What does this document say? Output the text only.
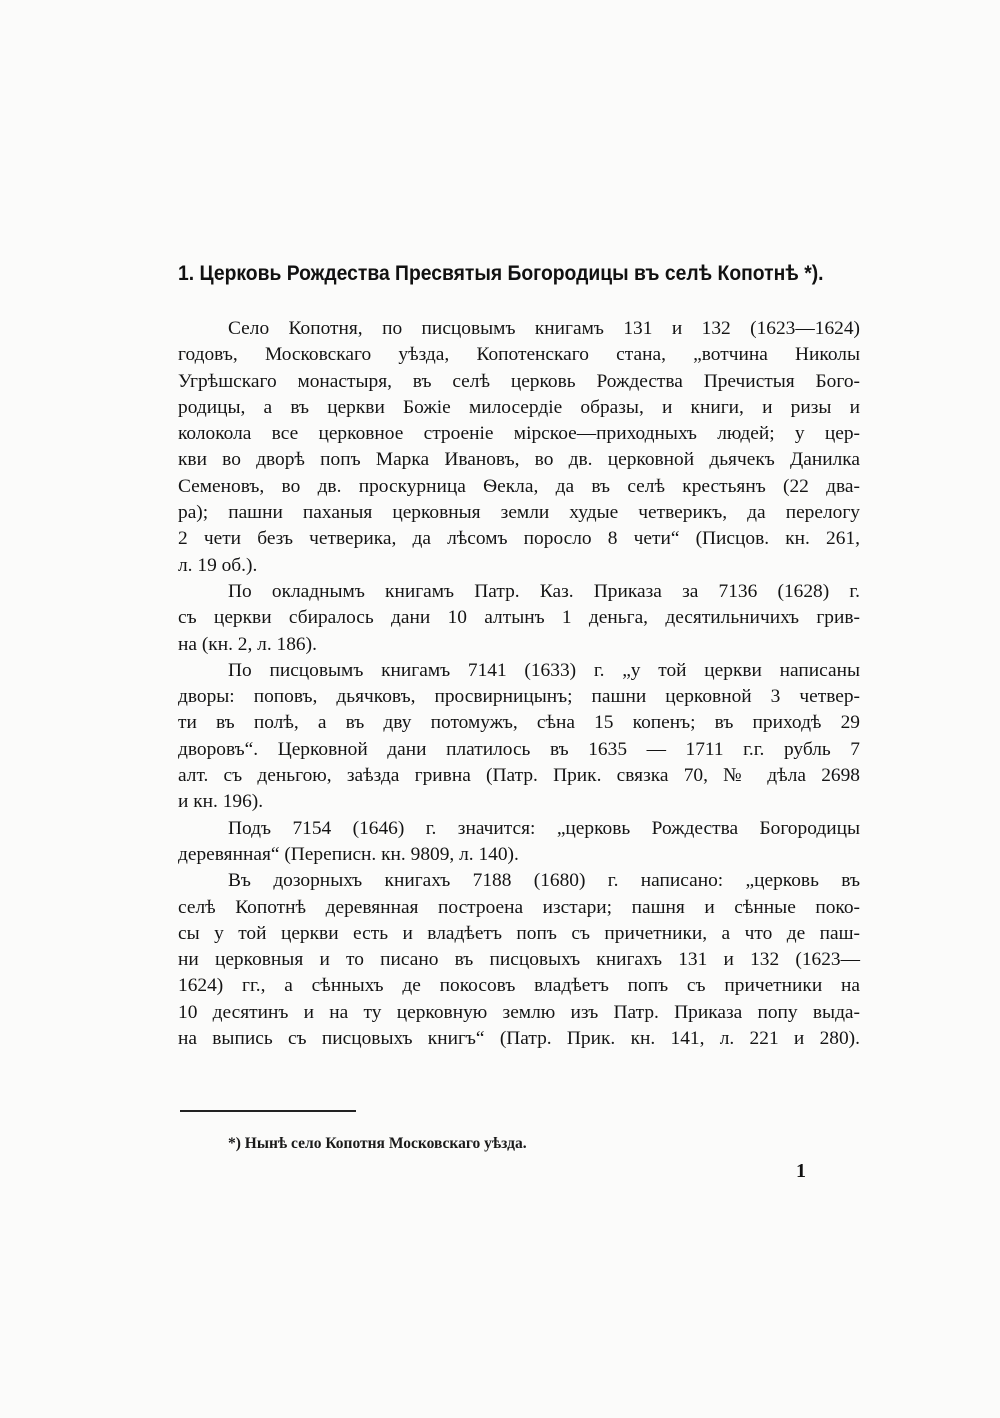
1. Церковь Рождества Пресвятыя Богородицы въ селѣ Копотнѣ *).
Село Копотня, по писцовымъ книгамъ 131 и 132 (1623—1624)
годовъ, Московскаго уѣзда, Копотенскаго стана, „вотчина Николы
Угрѣшскаго монастыря, въ селѣ церковь Рождества Пречистыя Бого-
родицы, а въ церкви Божіе милосердіе образы, и книги, и ризы и
колокола все церковное строеніе мірское—приходныхъ людей; у цер-
кви во дворѣ попъ Марка Ивановъ, во дв. церковной дьячекъ Данилка
Семеновъ, во дв. проскурница Ѳекла, да въ селѣ крестьянъ (22 два-
ра); пашни паханыя церковныя земли худые четверикъ, да перелогу
2 чети безъ четверика, да лѣсомъ поросло 8 чети“ (Писцов. кн. 261,
л. 19 об.).
По окладнымъ книгамъ Патр. Каз. Приказа за 7136 (1628) г.
съ церкви сбиралось дани 10 алтынъ 1 деньга, десятильничихъ грив-
на (кн. 2, л. 186).
По писцовымъ книгамъ 7141 (1633) г. „у той церкви написаны
дворы: поповъ, дьячковъ, просвирницынъ; пашни церковной 3 четвер-
ти въ полѣ, а въ дву потомужъ, сѣна 15 копенъ; въ приходѣ 29
дворовъ“. Церковной дани платилось въ 1635 — 1711 г.г. рубль 7
алт. съ деньгою, заѣздa гривна (Патр. Прик. связка 70, № дѣла 2698
и кн. 196).
Подъ 7154 (1646) г. значится: „церковь Рождества Богородицы
деревянная“ (Переписн. кн. 9809, л. 140).
Въ дозорныхъ книгахъ 7188 (1680) г. написано: „церковь въ
селѣ Копотнѣ деревянная построена изстари; пашня и сѣнные поко-
сы у той церкви есть и владѣетъ попъ съ причетники, а что де паш-
ни церковныя и то писано въ писцовыхъ книгахъ 131 и 132 (1623—
1624) гг., а сѣнныхъ де покосовъ владѣетъ попъ съ причетники на
10 десятинъ и на ту церковную землю изъ Патр. Приказа попу выда-
на выпись съ писцовыхъ книгъ“ (Патр. Прик. кн. 141, л. 221 и 280).
*) Нынѣ село Копотня Московскаго уѣзда.
1
